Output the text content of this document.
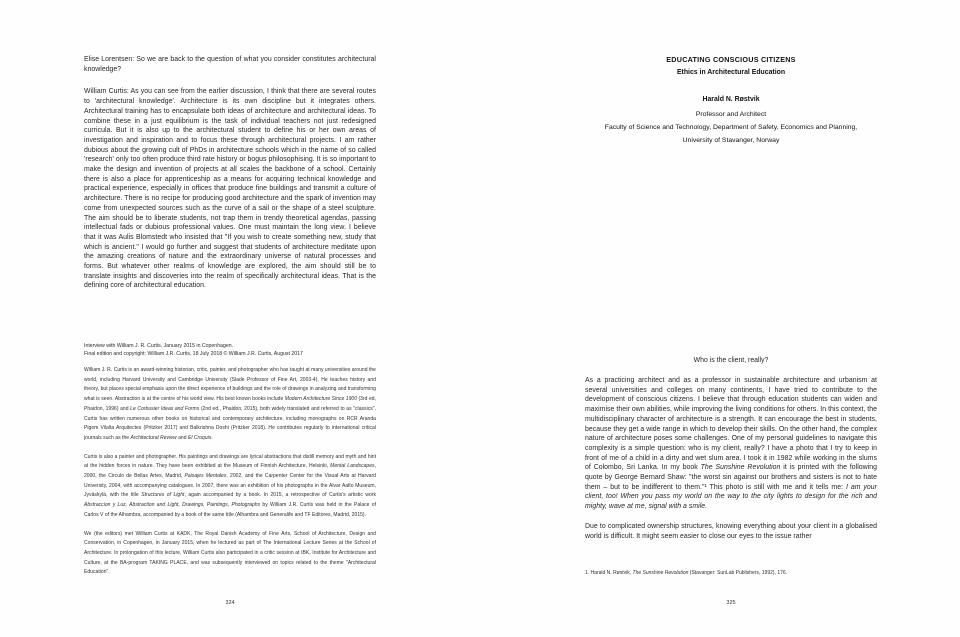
Elise Lorentsen: So we are back to the question of what you consider constitutes architectural knowledge?

William Curtis: As you can see from the earlier discussion, I think that there are several routes to 'architectural knowledge'. Architecture is its own discipline but it integrates others. Architectural training has to encapsulate both ideas of architecture and architectural ideas. To combine these in a just equilibrium is the task of individual teachers not just redesigned curricula. But it is also up to the architectural student to define his or her own areas of investigation and inspiration and to focus these through architectural projects. I am rather dubious about the growing cult of PhDs in architecture schools which in the name of so called 'research' only too often produce third rate history or bogus philosophising. It is so important to make the design and invention of projects at all scales the backbone of a school. Certainly there is also a place for apprenticeship as a means for acquiring technical knowledge and practical experience, especially in offices that produce fine buildings and transmit a culture of architecture. There is no recipe for producing good architecture and the spark of invention may come from unexpected sources such as the curve of a sail or the shape of a steel sculpture. The aim should be to liberate students, not trap them in trendy theoretical agendas, passing intellectual fads or dubious professional values. One must maintain the long view. I believe that it was Aulis Blomstedt who insisted that "If you wish to create something new, study that which is ancient." I would go further and suggest that students of architecture meditate upon the amazing creations of nature and the extraordinary universe of natural processes and forms. But whatever other realms of knowledge are explored, the aim should still be to translate insights and discoveries into the realm of specifically architectural ideas. That is the defining core of architectural education.

Interview with William J. R. Curtis, January 2015 in Copenhagen.

Final edition and copyright: William J.R. Curtis, 18 July 2018 © William J.R. Curtis, August 2017

William J. R. Curtis is an award-winning historian, critic, painter, and photographer who has taught at many universities around the world, including Harvard University and Cambridge University (Slade Professor of Fine Art, 2003-4). He teaches history and theory, but places special emphasis upon the direct experience of buildings and the role of drawings in analyzing and transforming what is seen. Abstraction is at the centre of his world view. His best known books include Modern Architecture Since 1900 (3rd ed, Phaidon, 1996) and Le Corbusier Ideas and Forms (2nd ed., Phaidon, 2015), both widely translated and referred to as "classics". Curtis has written numerous other books on historical and contemporary architecture, including monographs on RCR Aranda Pigem Vilalta Arquitectes (Pritzker 2017) and Balkrishna Doshi (Pritzker 2018). He contributes regularly to international critical journals such as the Architectural Review and El Croquis.

Curtis is also a painter and photographer. His paintings and drawings are lyrical abstractions that distill memory and myth and hint at the hidden forces in nature. They have been exhibited at the Museum of Finnish Architecture, Helsinki, Mental Landscapes, 2000, the Circulo de Bellas Artes, Madrid, Paisajes Mentales, 2002, and the Carpenter Center for the Visual Arts at Harvard University, 2004, with accompanying catalogues. In 2007, there was an exhibition of his photographs in the Alvar Aalto Museum, Jyväskylä, with the title Structures of Light, again accompanied by a book. In 2015, a retrospective of Curtis's artistic work Abstraccion y Luz, Abstraction and Light, Drawings, Paintings, Photographs by William J.R. Curtis was held in the Palace of Carlos V of the Alhambra, accompanied by a book of the same title (Alhambra and Generalife and TF Editores, Madrid, 2015).

We (the editors) met William Curtis at KADK, The Royal Danish Academy of Fine Arts, School of Architecture, Design and Conservation, in Copenhagen, in January 2015, when he lectured as part of The International Lecture Series at the School of Architecture. In prolongation of this lecture, William Curtis also participated in a critic session at IBK, Institute for Architecture and Culture, at the BA-program TAKING PLACE, and was subsequently interviewed on topics related to the theme "Architectural Education".

324

EDUCATING CONSCIOUS CITIZENS

Ethics in Architectural Education

Harald N. Røstvik

Professor and Architect

Faculty of Science and Technology, Department of Safety, Economics and Planning,

University of Stavanger, Norway

Who is the client, really?

As a practicing architect and as a professor in sustainable architecture and urbanism at several universities and colleges on many continents, I have tried to contribute to the development of conscious citizens. I believe that through education students can widen and maximise their own abilities, while improving the living conditions for others. In this context, the multidisciplinary character of architecture is a strength. It can encourage the best in students, because they get a wide range in which to develop their skills. On the other hand, the complex nature of architecture poses some challenges. One of my personal guidelines to navigate this complexity is a simple question: who is my client, really? I have a photo that I try to keep in front of me of a child in a dirty and wet slum area. I took it in 1982 while working in the slums of Colombo, Sri Lanka. In my book The Sunshine Revolution it is printed with the following quote by George Bernard Shaw: "the worst sin against our brothers and sisters is not to hate them – but to be indifferent to them."¹ This photo is still with me and it tells me: I am your client, too! When you pass my world on the way to the city lights to design for the rich and mighty, wave at me, signal with a smile.

Due to complicated ownership structures, knowing everything about your client in a globalised world is difficult. It might seem easier to close our eyes to the issue rather

1. Harald N. Røstvik, The Sunshine Revolution (Stavanger: SunLab Publishers, 1992), 176.

325
